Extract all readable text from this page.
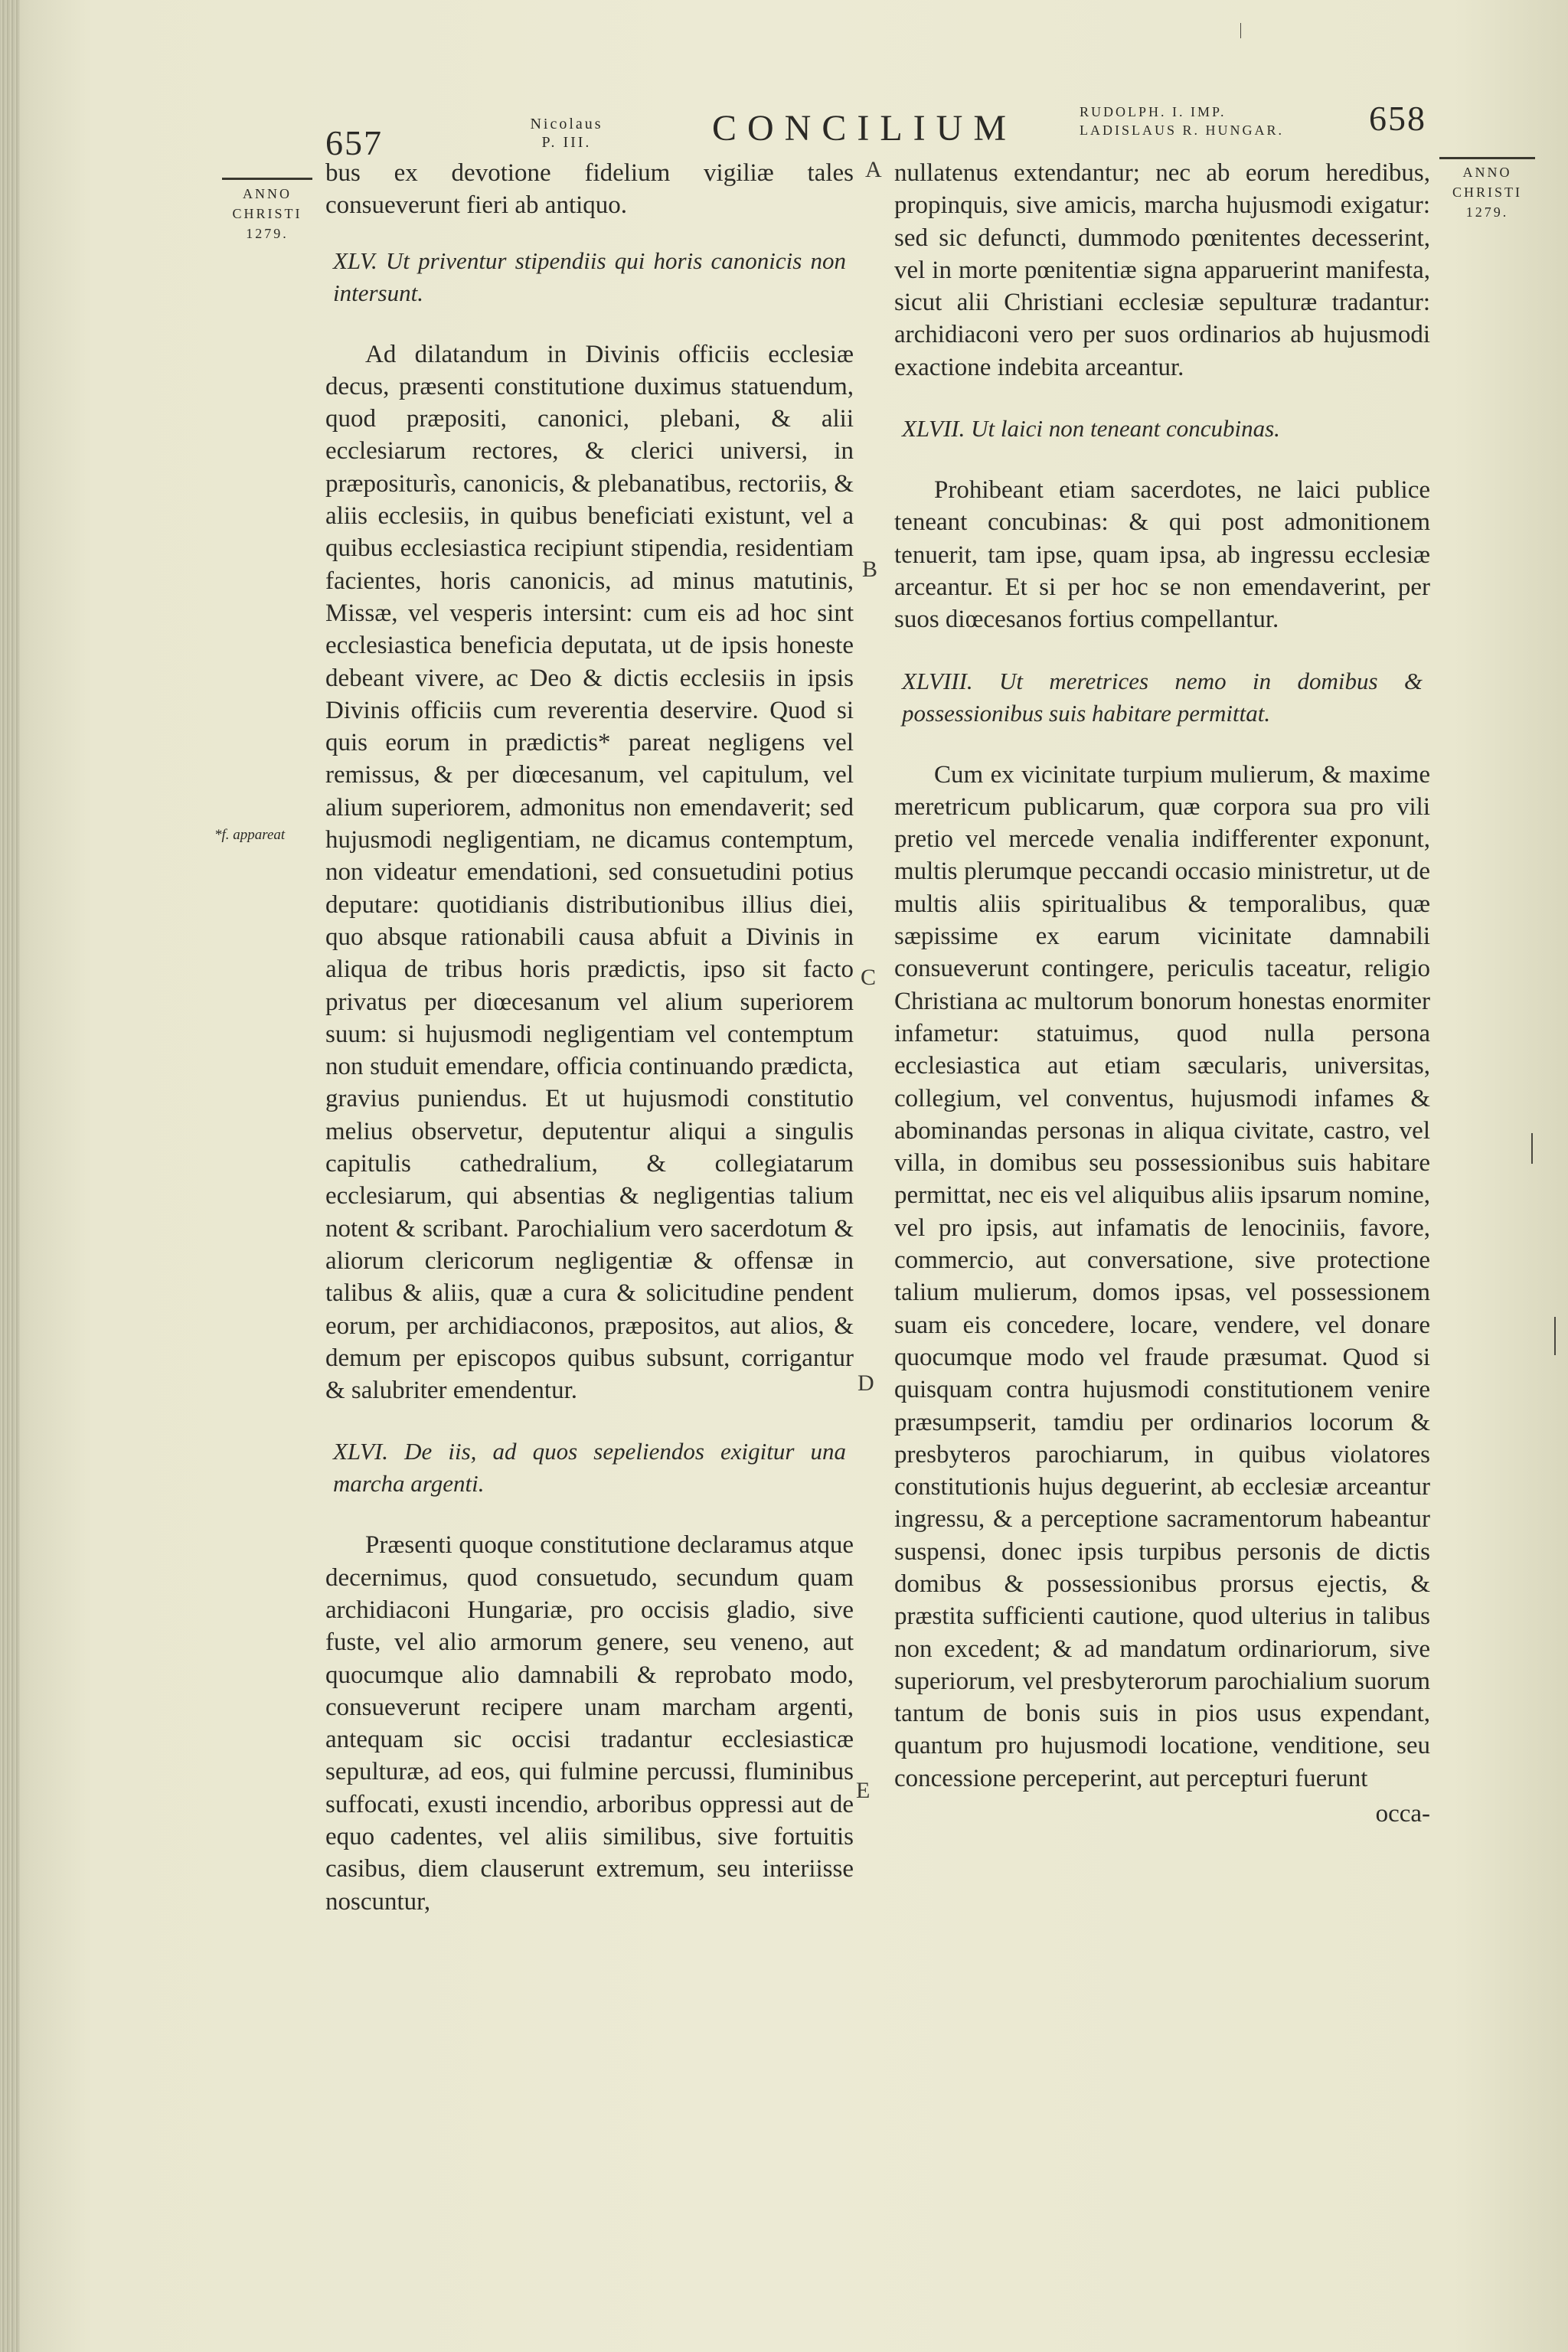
657	Nicolaus
P. III.	CONCILIUM	RUDOLPH. I. IMP.
LADISLAUS R. HUNGAR. 658
ANNO
CHRISTI
1279.
*f. appareat
ANNO
CHRISTI
1279.
A
B
C
D
E

bus ex devotione fidelium vigiliæ tales consueverunt fieri ab antiquo.

XLV. Ut priventur stipendiis qui horis canonicis non intersunt.

Ad dilatandum in Divinis officiis ecclesiæ decus, præsenti constitutione duximus statuendum, quod præpositi, canonici, plebani, & alii ecclesiarum rectores, & clerici universi, in præpositurìs, canonicis, & plebanatibus, rectoriis, & aliis ecclesiis, in quibus beneficiati existunt, vel a quibus ecclesiastica recipiunt stipendia, residentiam facientes, horis canonicis, ad minus matutinis, Missæ, vel vesperis intersint: cum eis ad hoc sint ecclesiastica beneficia deputata, ut de ipsis honeste debeant vivere, ac Deo & dictis ecclesiis in ipsis Divinis officiis cum reverentia deservire. Quod si quis eorum in prædictis* pareat negligens vel remissus, & per diœcesanum, vel capitulum, vel alium superiorem, admonitus non emendaverit; sed hujusmodi negligentiam, ne dicamus contemptum, non videatur emendationi, sed consuetudini potius deputare: quotidianis distributionibus illius diei, quo absque rationabili causa abfuit a Divinis in aliqua de tribus horis prædictis, ipso sit facto privatus per diœcesanum vel alium superiorem suum: si hujusmodi negligentiam vel contemptum non studuit emendare, officia continuando prædicta, gravius puniendus. Et ut hujusmodi constitutio melius observetur, deputentur aliqui a singulis capitulis cathedralium, & collegiatarum ecclesiarum, qui absentias & negligentias talium notent & scribant. Parochialium vero sacerdotum & aliorum clericorum negligentiæ & offensæ in talibus & aliis, quæ a cura & solicitudine pendent eorum, per archidiaconos, præpositos, aut alios, & demum per episcopos quibus subsunt, corrigantur & salubriter emendentur.

XLVI. De iis, ad quos sepeliendos exigitur una marcha argenti.

Præsenti quoque constitutione declaramus atque decernimus, quod consuetudo, secundum quam archidiaconi Hungariæ, pro occisis gladio, sive fuste, vel alio armorum genere, seu veneno, aut quocumque alio damnabili & reprobato modo, consueverunt recipere unam marcham argenti, antequam sic occisi tradantur ecclesiasticæ sepulturæ, ad eos, qui fulmine percussi, fluminibus suffocati, exusti incendio, arboribus oppressi aut de equo cadentes, vel aliis similibus, sive fortuitis casibus, diem clauserunt extremum, seu interiisse noscuntur,

nullatenus extendantur; nec ab eorum heredibus, propinquis, sive amicis, marcha hujusmodi exigatur: sed sic defuncti, dummodo pœnitentes decesserint, vel in morte pœnitentiæ signa apparuerint manifesta, sicut alii Christiani ecclesiæ sepulturæ tradantur: archidiaconi vero per suos ordinarios ab hujusmodi exactione indebita arceantur.

XLVII. Ut laici non teneant concubinas.

Prohibeant etiam sacerdotes, ne laici publice teneant concubinas: & qui post admonitionem tenuerit, tam ipse, quam ipsa, ab ingressu ecclesiæ arceantur. Et si per hoc se non emendaverint, per suos diœcesanos fortius compellantur.

XLVIII. Ut meretrices nemo in domibus & possessionibus suis habitare permittat.

Cum ex vicinitate turpium mulierum, & maxime meretricum publicarum, quæ corpora sua pro vili pretio vel mercede venalia indifferenter exponunt, multis plerumque peccandi occasio ministretur, ut de multis aliis spiritualibus & temporalibus, quæ sæpissime ex earum vicinitate damnabili consueverunt contingere, periculis taceatur, religio Christiana ac multorum bonorum honestas enormiter infametur: statuimus, quod nulla persona ecclesiastica aut etiam sæcularis, universitas, collegium, vel conventus, hujusmodi infames & abominandas personas in aliqua civitate, castro, vel villa, in domibus seu possessionibus suis habitare permittat, nec eis vel aliquibus aliis ipsarum nomine, vel pro ipsis, aut infamatis de lenociniis, favore, commercio, aut conversatione, sive protectione talium mulierum, domos ipsas, vel possessionem suam eis concedere, locare, vendere, vel donare quocumque modo vel fraude præsumat. Quod si quisquam contra hujusmodi constitutionem venire præsumpserit, tamdiu per ordinarios locorum & presbyteros parochiarum, in quibus violatores constitutionis hujus deguerint, ab ecclesiæ arceantur ingressu, & a perceptione sacramentorum habeantur suspensi, donec ipsis turpibus personis de dictis domibus & possessionibus prorsus ejectis, & præstita sufficienti cautione, quod ulterius in talibus non excedent; & ad mandatum ordinariorum, sive superiorum, vel presbyterorum parochialium suorum tantum de bonis suis in pios usus expendant, quantum pro hujusmodi locatione, venditione, seu concessione perceperint, aut percepturi fuerunt

occa-
